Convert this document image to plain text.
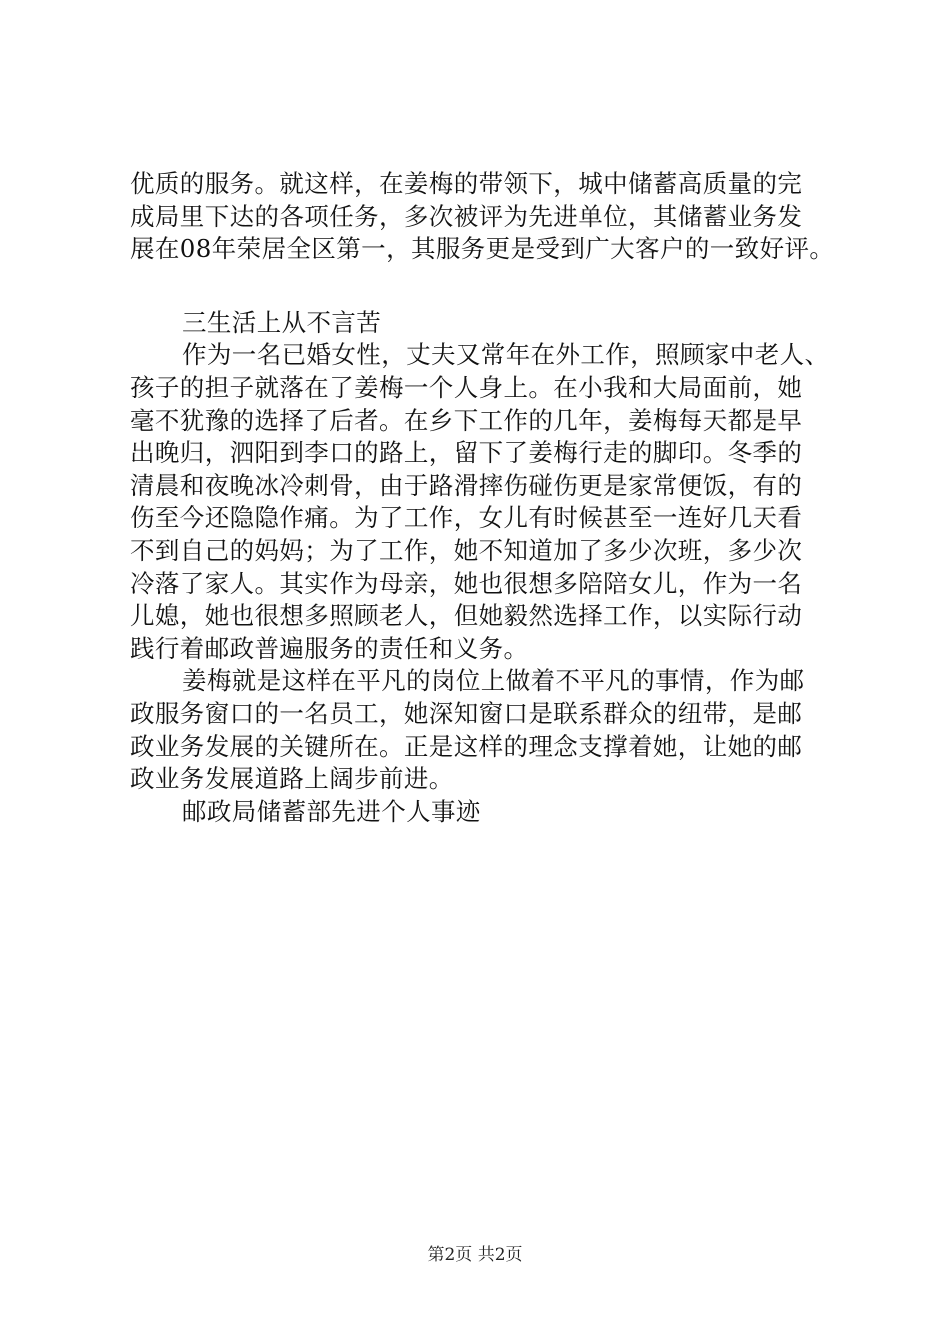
优质的服务。就这样，在姜梅的带领下，城中储蓄高质量的完
成局里下达的各项任务，多次被评为先进单位，其储蓄业务发
展在08年荣居全区第一，其服务更是受到广大客户的一致好评。
三生活上从不言苦
作为一名已婚女性，丈夫又常年在外工作，照顾家中老人、
孩子的担子就落在了姜梅一个人身上。在小我和大局面前，她
毫不犹豫的选择了后者。在乡下工作的几年，姜梅每天都是早
出晚归，泗阳到李口的路上，留下了姜梅行走的脚印。冬季的
清晨和夜晚冰冷刺骨，由于路滑摔伤碰伤更是家常便饭，有的
伤至今还隐隐作痛。为了工作，女儿有时候甚至一连好几天看
不到自己的妈妈；为了工作，她不知道加了多少次班，多少次
冷落了家人。其实作为母亲，她也很想多陪陪女儿，作为一名
儿媳，她也很想多照顾老人，但她毅然选择工作，以实际行动
践行着邮政普遍服务的责任和义务。
姜梅就是这样在平凡的岗位上做着不平凡的事情，作为邮
政服务窗口的一名员工，她深知窗口是联系群众的纽带，是邮
政业务发展的关键所在。正是这样的理念支撑着她，让她的邮
政业务发展道路上阔步前进。
邮政局储蓄部先进个人事迹
第2页 共2页
